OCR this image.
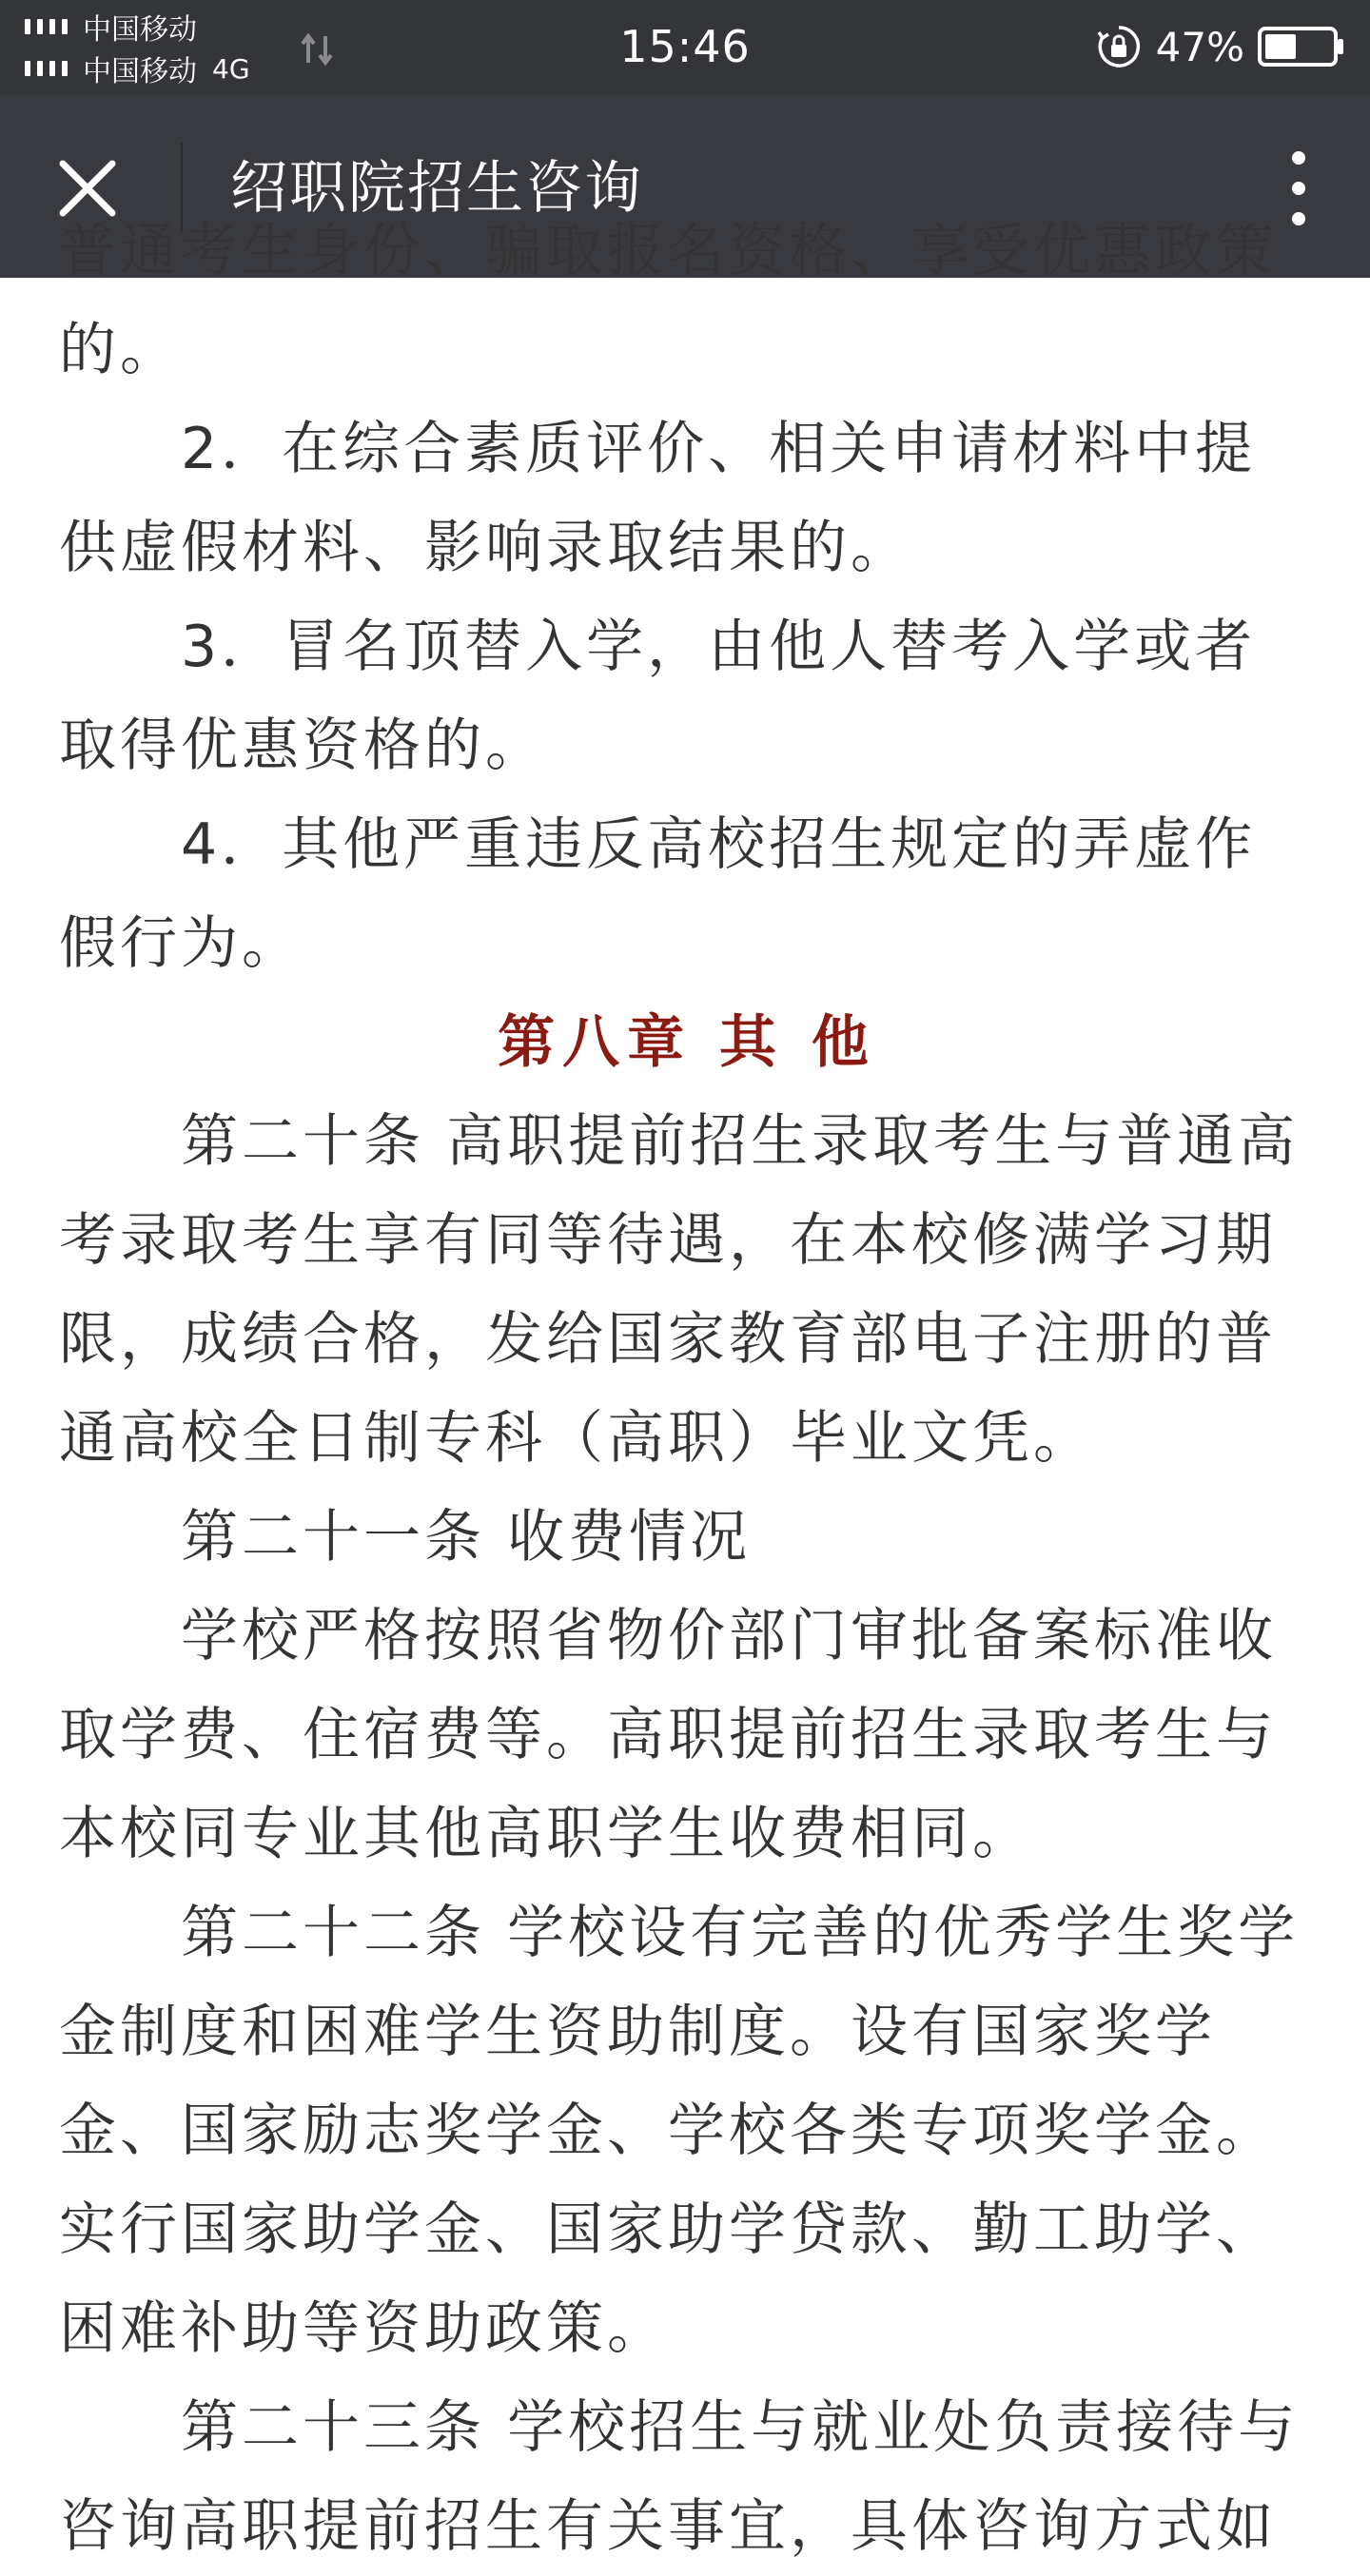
中国移动
中国移动 4G	15:46	47%
绍职院招生咨询

普通考生身份、骗取报名资格、享受优惠政策的。

2．在综合素质评价、相关申请材料中提供虚假材料、影响录取结果的。

3．冒名顶替入学，由他人替考入学或者取得优惠资格的。

4．其他严重违反高校招生规定的弄虚作假行为。

第八章 其 他

第二十条 高职提前招生录取考生与普通高考录取考生享有同等待遇，在本校修满学习期限，成绩合格，发给国家教育部电子注册的普通高校全日制专科（高职）毕业文凭。

第二十一条 收费情况

学校严格按照省物价部门审批备案标准收取学费、住宿费等。高职提前招生录取考生与本校同专业其他高职学生收费相同。

第二十二条 学校设有完善的优秀学生奖学金制度和困难学生资助制度。设有国家奖学金、国家励志奖学金、学校各类专项奖学金。实行国家助学金、国家助学贷款、勤工助学、困难补助等资助政策。

第二十三条 学校招生与就业处负责接待与咨询高职提前招生有关事宜，具体咨询方式如
